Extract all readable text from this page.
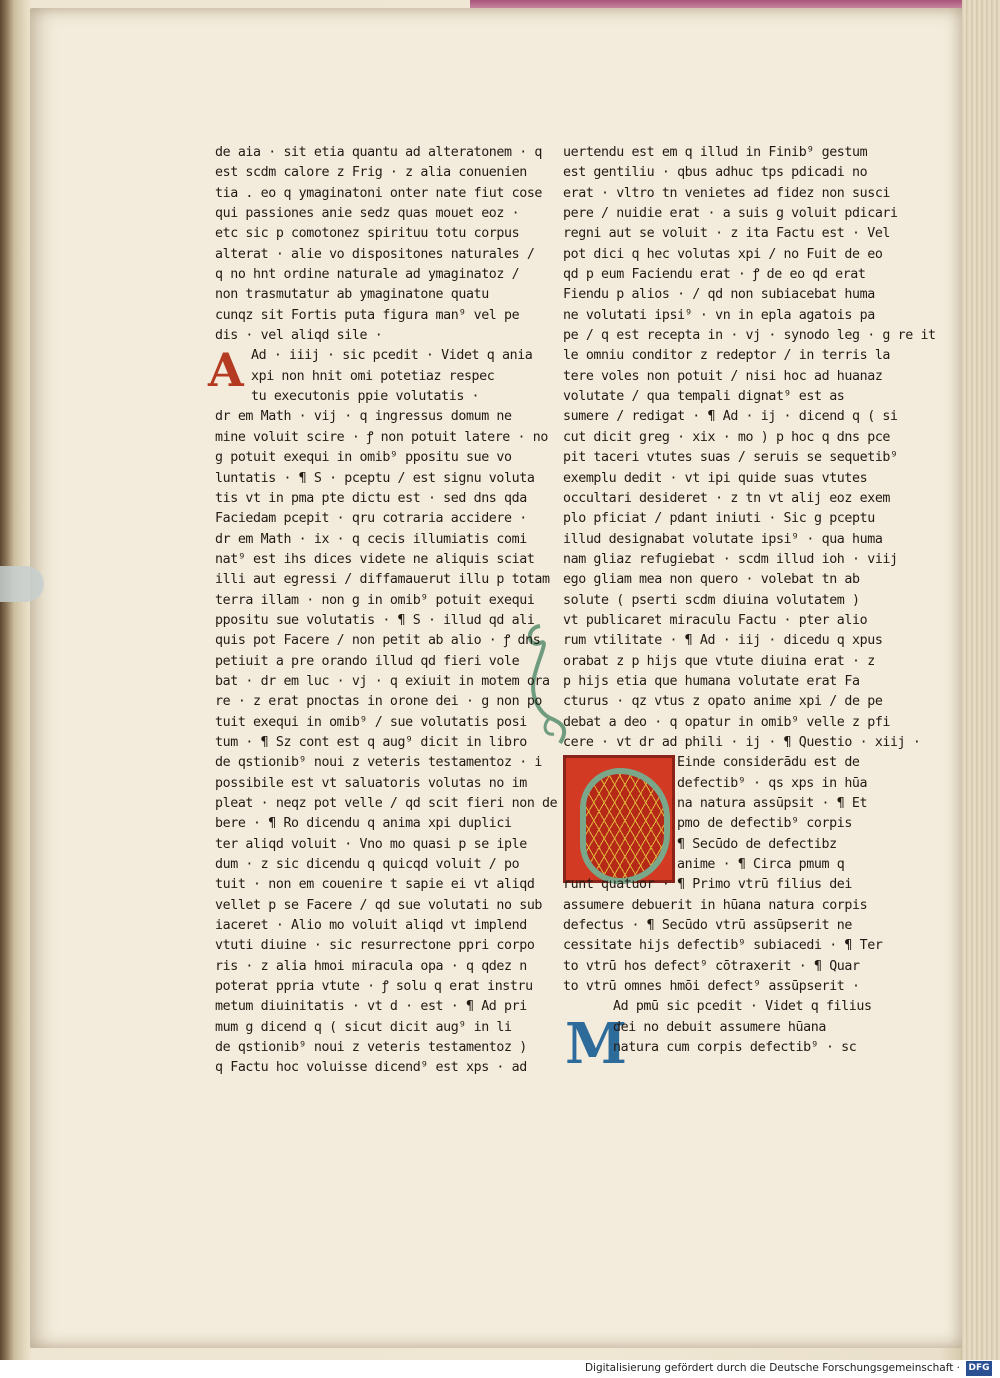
A
M
de aia · sit etia quantu ad alteratonem · q
est scdm calore z Frig · z alia conuenien
tia . eo q ymaginatoni onter nate fiut cose
qui passiones anie sedz quas mouet eoz ·
etc sic p comotonez spirituu totu corpus
alterat · alie vo dispositones naturales /
q no hnt ordine naturale ad ymaginatoz /
non trasmutatur ab ymaginatone quatu
cunqz sit Fortis puta figura man⁹ vel pe
dis · vel aliqd sile ·
Ad · iiij · sic pcedit · Videt q ania
xpi non hnit omi potetiaz respec
tu executonis ppie volutatis ·
dr em Math · vij · q ingressus domum ne
mine voluit scire · ꝭ non potuit latere · no
g potuit exequi in omib⁹ ppositu sue vo
luntatis · ¶ S · pceptu / est signu voluta
tis vt in pma pte dictu est · sed dns qda
Faciedam pcepit · qru cotraria accidere ·
dr em Math · ix · q cecis illumiatis comi
nat⁹ est ihs dices videte ne aliquis sciat
illi aut egressi / diffamauerut illu p totam
terra illam · non g in omib⁹ potuit exequi
ppositu sue volutatis · ¶ S · illud qd ali
quis pot Facere / non petit ab alio · ꝭ dns
petiuit a pre orando illud qd fieri vole
bat · dr em luc · vj · q exiuit in motem ora
re · z erat pnoctas in orone dei · g non po
tuit exequi in omib⁹ / sue volutatis posi
tum · ¶ Sz cont est q aug⁹ dicit in libro
de qstionib⁹ noui z veteris testamentoz · i
possibile est vt saluatoris volutas no im
pleat · neqz pot velle / qd scit fieri non de
bere · ¶ Ro dicendu q anima xpi duplici
ter aliqd voluit · Vno mo quasi p se iple
dum · z sic dicendu q quicqd voluit / po
tuit · non em couenire t sapie ei vt aliqd
vellet p se Facere / qd sue volutati no sub
iaceret · Alio mo voluit aliqd vt implend
vtuti diuine · sic resurrectone ppri corpo
ris · z alia hmoi miracula opa · q qdez n
poterat ppria vtute · ꝭ solu q erat instru
metum diuinitatis · vt d · est · ¶ Ad pri
mum g dicend q ( sicut dicit aug⁹ in li
de qstionib⁹ noui z veteris testamentoz )
q Factu hoc voluisse dicend⁹ est xps · ad
uertendu est em q illud in Finib⁹ gestum
est gentiliu · qbus adhuc tps pdicadi no
erat · vltro tn venietes ad fidez non susci
pere / nuidie erat · a suis g voluit pdicari
regni aut se voluit · z ita Factu est · Vel
pot dici q hec volutas xpi / no Fuit de eo
qd p eum Faciendu erat · ꝭ de eo qd erat
Fiendu p alios · / qd non subiacebat huma
ne volutati ipsi⁹ · vn in epla agatois pa
pe / q est recepta in · vj · synodo leg · g re it
le omniu conditor z redeptor / in terris la
tere voles non potuit / nisi hoc ad huanaz
volutate / qua tempali dignat⁹ est as
sumere / redigat · ¶ Ad · ij · dicend q ( si
cut dicit greg · xix · mo ) p hoc q dns pce
pit taceri vtutes suas / seruis se sequetib⁹
exemplu dedit · vt ipi quide suas vtutes
occultari desideret · z tn vt alij eoz exem
plo pficiat / pdant iniuti · Sic g pceptu
illud designabat volutate ipsi⁹ · qua huma
nam gliaz refugiebat · scdm illud ioh · viij
ego gliam mea non quero · volebat tn ab
solute ( pserti scdm diuina volutatem )
vt publicaret miraculu Factu · pter alio
rum vtilitate · ¶ Ad · iij · dicedu q xpus
orabat z p hijs que vtute diuina erat · z
p hijs etia que humana volutate erat Fa
cturus · qz vtus z opato anime xpi / de pe
debat a deo · q opatur in omib⁹ velle z pfi
cere · vt dr ad phili · ij · ¶ Questio · xiij ·
Einde considerādu est de
defectib⁹ · qs xps in hūa
na natura assūpsit · ¶ Et
pmo de defectib⁹ corpis
¶ Secūdo de defectibz
anime · ¶ Circa pmum q
runt quatuor · ¶ Primo vtrū filius dei
assumere debuerit in hūana natura corpis
defectus · ¶ Secūdo vtrū assūpserit ne
cessitate hijs defectib⁹ subiacedi · ¶ Ter
to vtrū hos defect⁹ cōtraxerit · ¶ Quar
to vtrū omnes hmōi defect⁹ assūpserit ·
Ad pmū sic pcedit · Videt q filius
dei no debuit assumere hūana
natura cum corpis defectib⁹ · sc
Digitalisierung gefördert durch die Deutsche Forschungsgemeinschaft · DFG
